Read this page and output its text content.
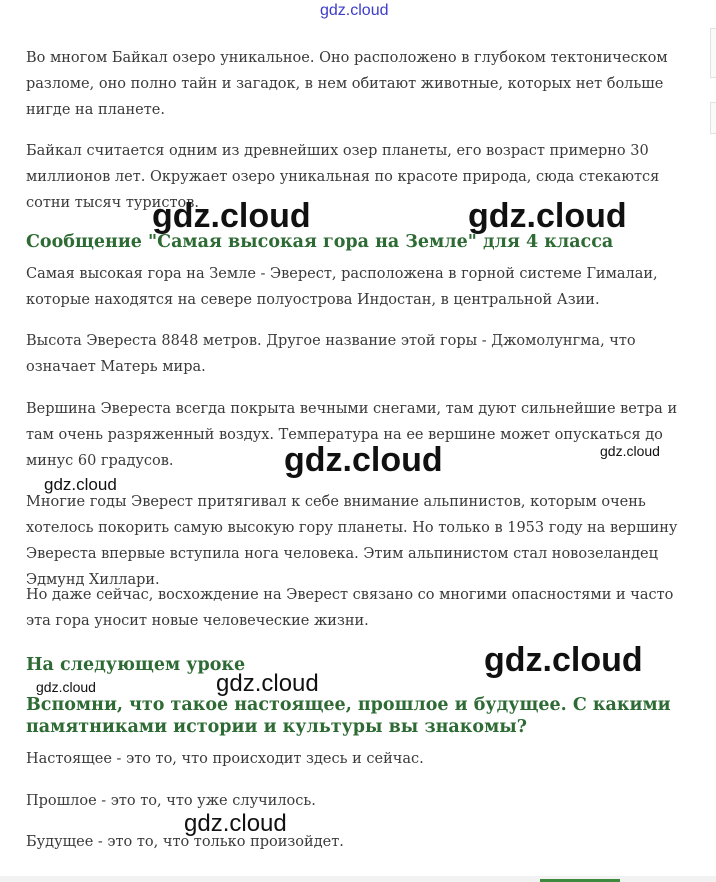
gdz.cloud

Во многом Байкал озеро уникальное. Оно расположено в глубоком тектоническом разломе, оно полно тайн и загадок, в нем обитают животные, которых нет больше нигде на планете.

Байкал считается одним из древнейших озер планеты, его возраст примерно 30 миллионов лет. Окружает озеро уникальная по красоте природа, сюда стекаются сотни тысяч туристов.

Сообщение "Самая высокая гора на Земле" для 4 класса

Самая высокая гора на Земле - Эверест, расположена в горной системе Гималаи, которые находятся на севере полуострова Индостан, в центральной Азии.

Высота Эвереста 8848 метров. Другое название этой горы - Джомолунгма, что означает Матерь мира.

Вершина Эвереста всегда покрыта вечными снегами, там дуют сильнейшие ветра и там очень разряженный воздух. Температура на ее вершине может опускаться до минус 60 градусов.

Многие годы Эверест притягивал к себе внимание альпинистов, которым очень хотелось покорить самую высокую гору планеты. Но только в 1953 году на вершину Эвереста впервые вступила нога человека. Этим альпинистом стал новозеландец Эдмунд Хиллари.

Но даже сейчас, восхождение на Эверест связано со многими опасностями и часто эта гора уносит новые человеческие жизни.

На следующем уроке
Вспомни, что такое настоящее, прошлое и будущее. С какими памятниками истории и культуры вы знакомы?

Настоящее - это то, что происходит здесь и сейчас.

Прошлое - это то, что уже случилось.

Будущее - это то, что только произойдет.

gdz.cloud	gdz.cloud
gdz.cloud	gdz.cloud
gdz.cloud
gdz.cloud
gdz.cloud	gdz.cloud
gdz.cloud
